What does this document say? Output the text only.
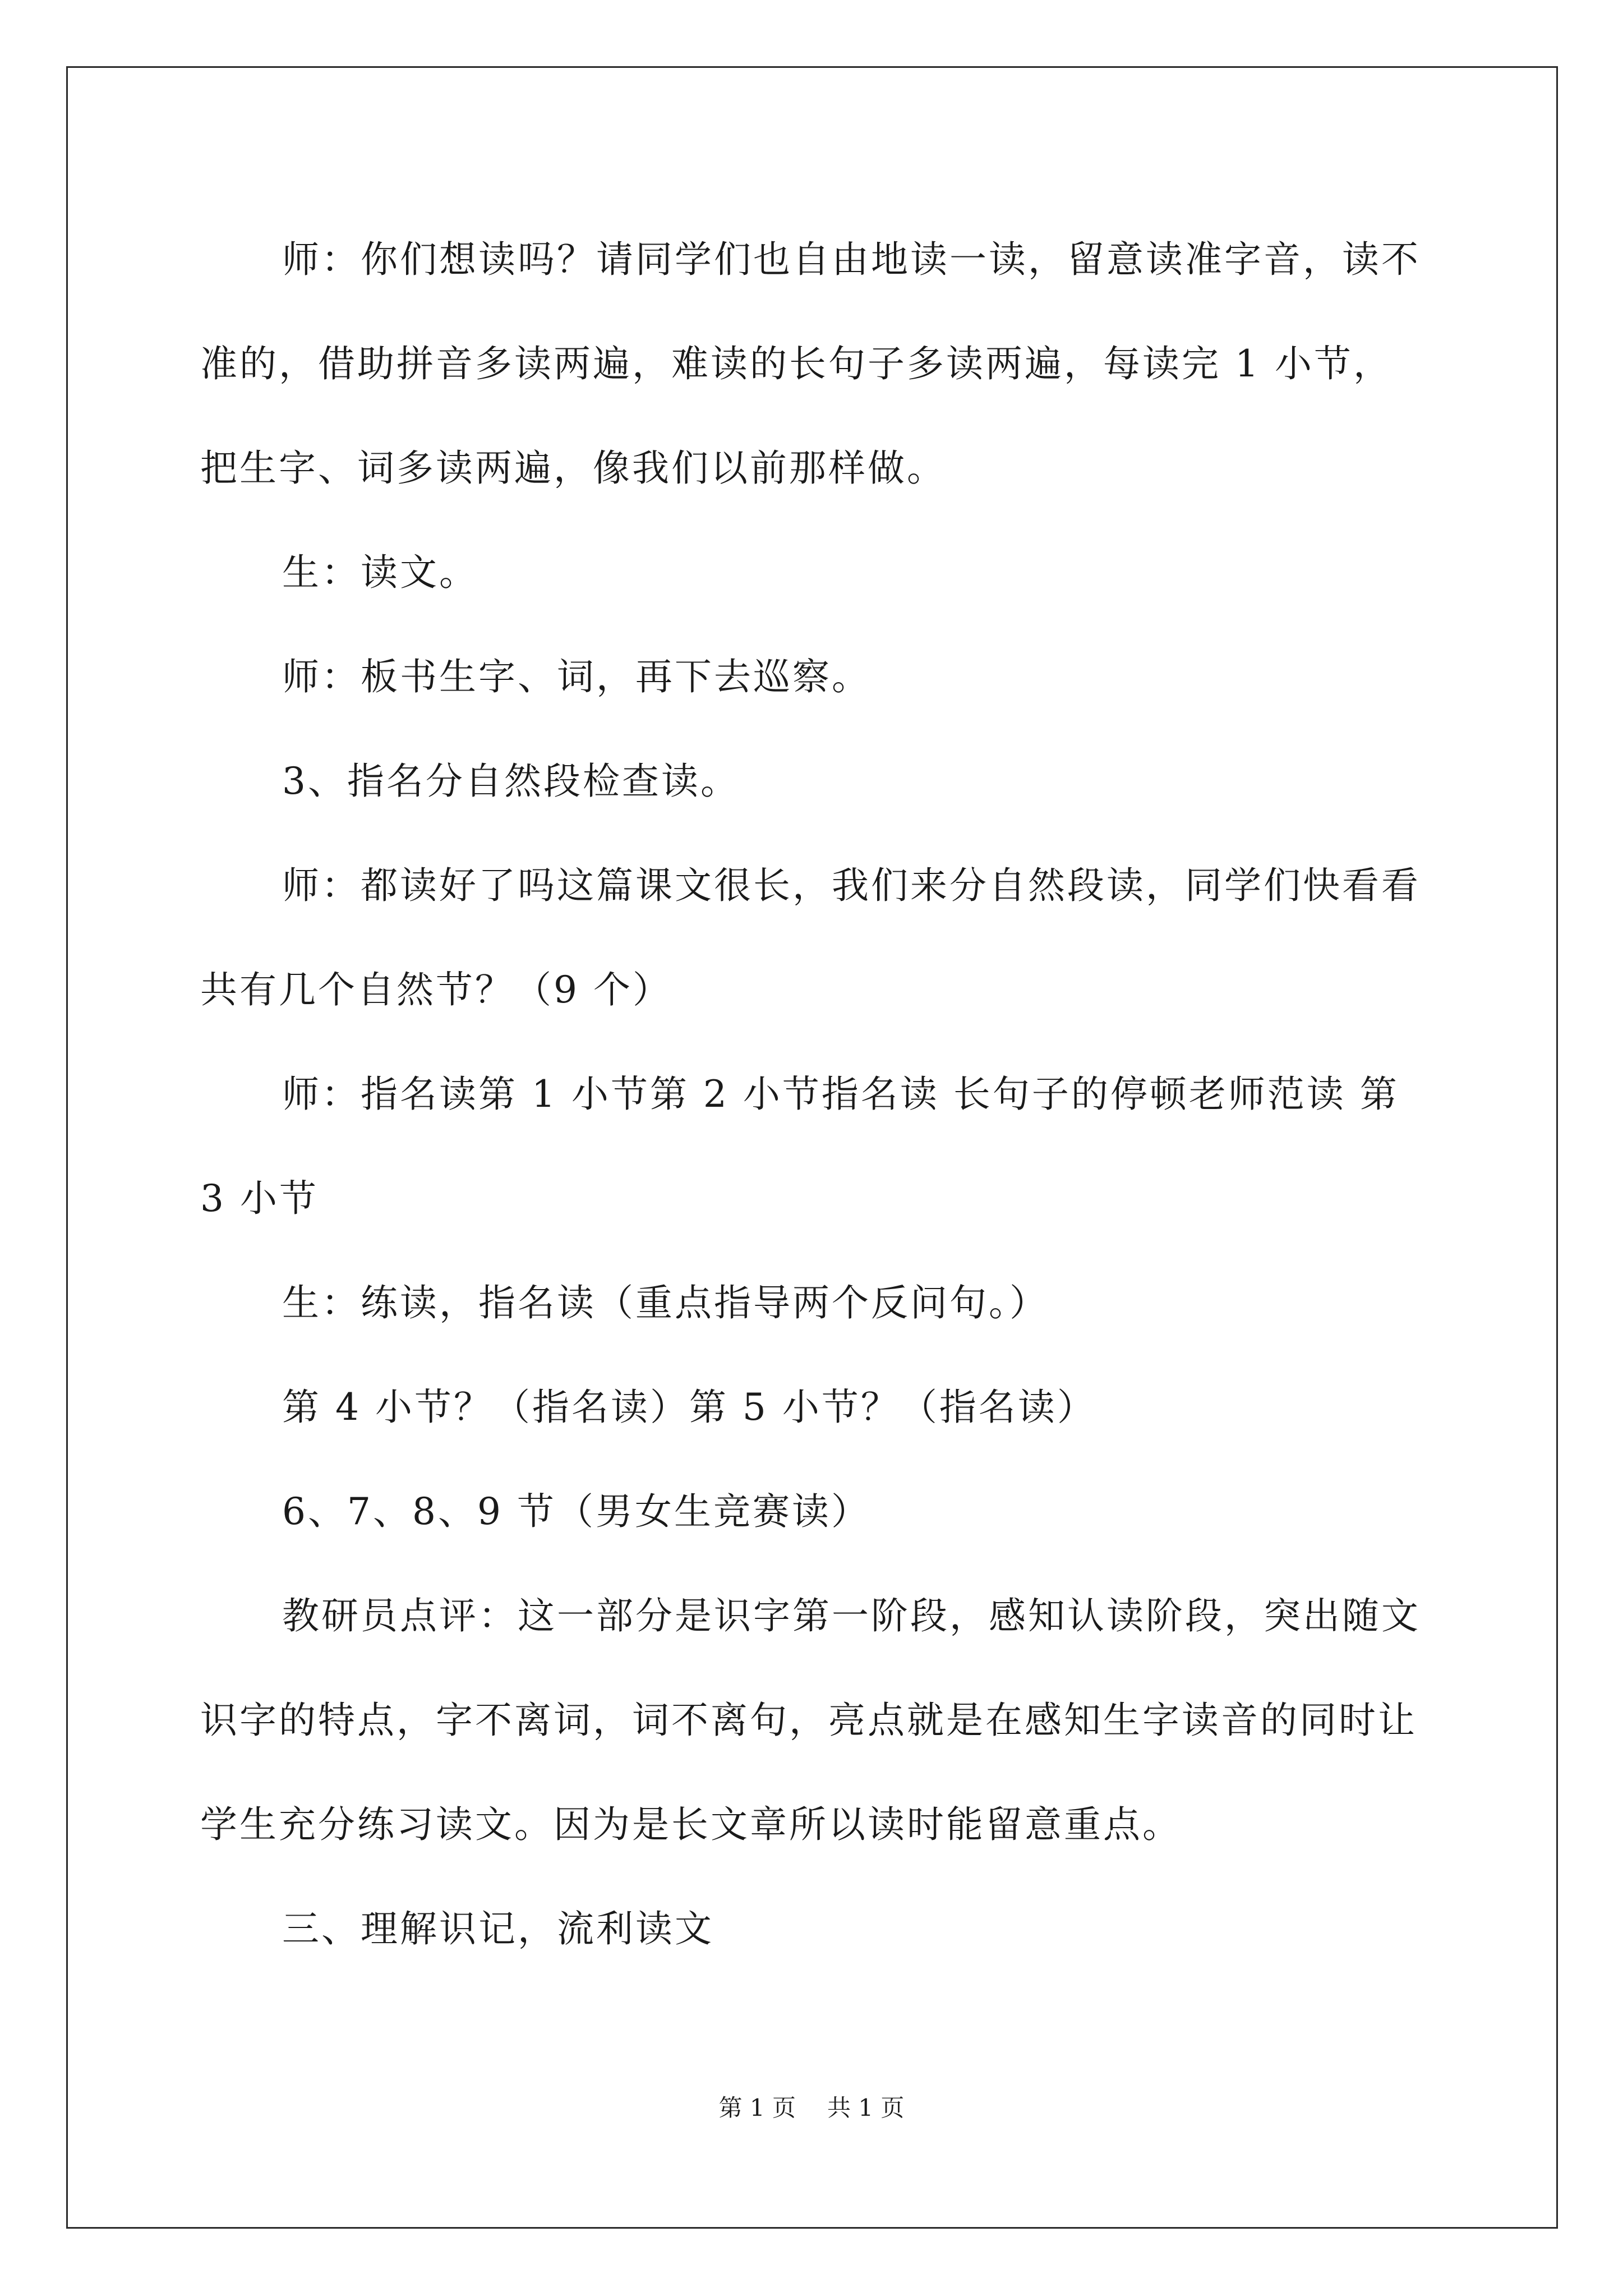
师：你们想读吗？请同学们也自由地读一读，留意读准字音，读不准的，借助拼音多读两遍，难读的长句子多读两遍，每读完 1 小节，把生字、词多读两遍，像我们以前那样做。

生：读文。

师：板书生字、词，再下去巡察。

3、指名分自然段检查读。

师：都读好了吗这篇课文很长，我们来分自然段读，同学们快看看共有几个自然节？（9 个）

师：指名读第 1 小节第 2 小节指名读 长句子的停顿老师范读 第 3 小节

生：练读，指名读（重点指导两个反问句。）

第 4 小节？（指名读）第 5 小节？（指名读）

6、7、8、9 节（男女生竞赛读）

教研员点评：这一部分是识字第一阶段，感知认读阶段，突出随文识字的特点，字不离词，词不离句，亮点就是在感知生字读音的同时让学生充分练习读文。因为是长文章所以读时能留意重点。

三、理解识记，流利读文

第 1 页 共 1 页
